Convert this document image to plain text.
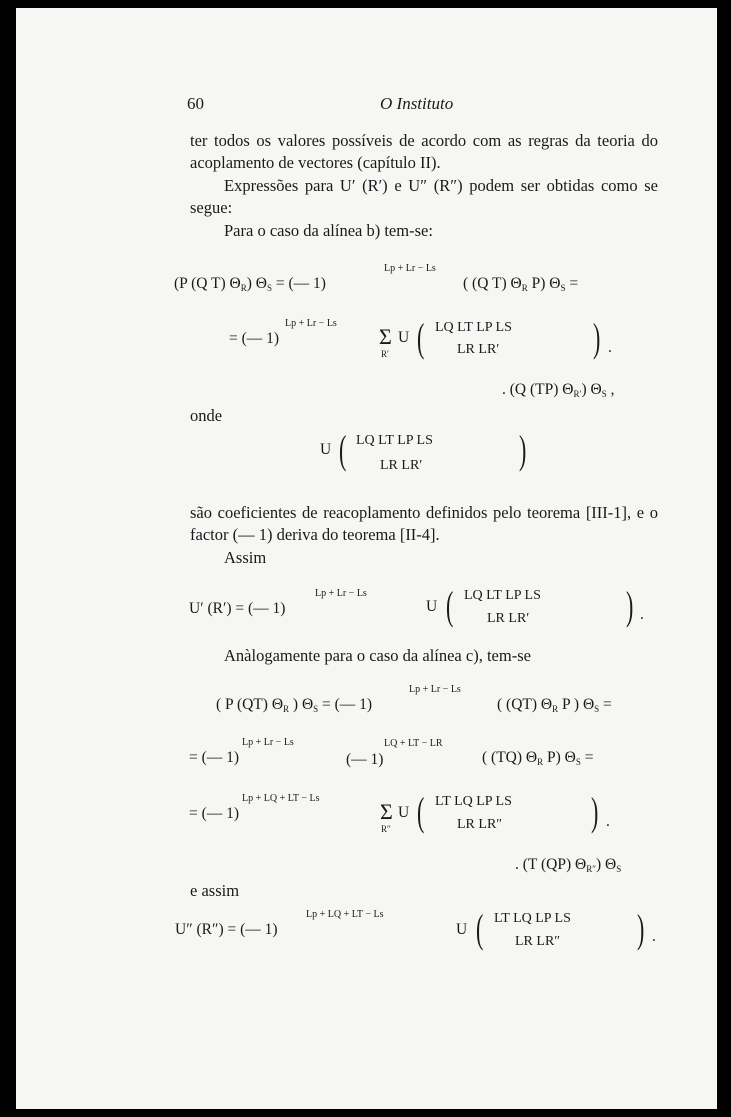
60	O Instituto
ter todos os valores possíveis de acordo com as regras da teoria do acoplamento de vectores (capítulo II).
Expressões para U′ (R′) e U″ (R″) podem ser obtidas como se segue:
Para o caso da alínea b) tem-se:
(P (Q T) $\Theta_R$) $\Theta_S$ = (— 1)
Lp + Lr − Ls
( (Q T) $\Theta_R$ P) $\Theta_S$ =
= (— 1)
Lp + Lr − Ls
Σ
R′
U ( LQ LT LP LS
LR LR′ ) .
. (Q (TP) $\Theta_{R'}$) $\Theta_S$ ,
onde
U ( LQ LT LP LS
LR LR′ )
são coeficientes de reacoplamento definidos pelo teorema [III-1], e o factor (— 1) deriva do teorema [II-4].
Assim
U′ (R′) = (— 1)
Lp + Lr − Ls
U ( LQ LT LP LS
LR LR′ ) .
Anàlogamente para o caso da alínea c), tem-se
( P (QT) $\Theta_R$ ) $\Theta_S$ = (— 1)
Lp + Lr − Ls
( (QT) $\Theta_R$ P ) $\Theta_S$ =
= (— 1)
Lp + Lr − Ls
(— 1)
LQ + LT − LR
( (TQ) $\Theta_R$ P) $\Theta_S$ =
= (— 1)
Lp + LQ + LT − Ls
Σ
R″
U ( LT LQ LP LS
LR LR″ ) .
. (T (QP) $\Theta_{R''}$) $\Theta_S$
e assim
U″ (R″) = (— 1)
Lp + LQ + LT − Ls
U ( LT LQ LP LS
LR LR″ ) .
